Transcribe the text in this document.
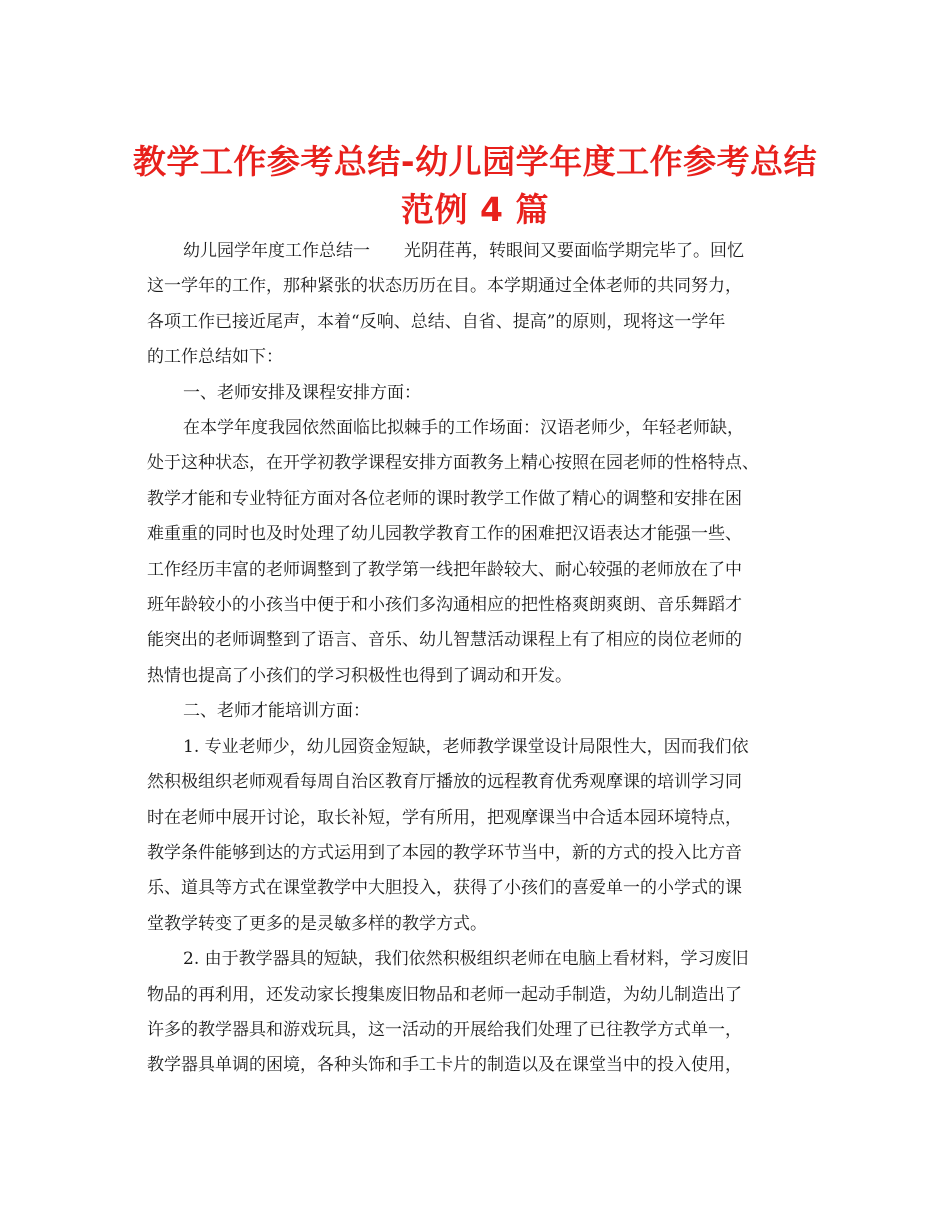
教学工作参考总结-幼儿园学年度工作参考总结
范例 4 篇

幼儿园学年度工作总结一　　光阴荏苒，转眼间又要面临学期完毕了。回忆

这一学年的工作，那种紧张的状态历历在目。本学期通过全体老师的共同努力，

各项工作已接近尾声，本着“反响、总结、自省、提高”的原则，现将这一学年

的工作总结如下：

一、老师安排及课程安排方面：

在本学年度我园依然面临比拟棘手的工作场面：汉语老师少，年轻老师缺，

处于这种状态，在开学初教学课程安排方面教务上精心按照在园老师的性格特点、

教学才能和专业特征方面对各位老师的课时教学工作做了精心的调整和安排在困

难重重的同时也及时处理了幼儿园教学教育工作的困难把汉语表达才能强一些、

工作经历丰富的老师调整到了教学第一线把年龄较大、耐心较强的老师放在了中

班年龄较小的小孩当中便于和小孩们多沟通相应的把性格爽朗爽朗、音乐舞蹈才

能突出的老师调整到了语言、音乐、幼儿智慧活动课程上有了相应的岗位老师的

热情也提高了小孩们的学习积极性也得到了调动和开发。

二、老师才能培训方面：

1. 专业老师少，幼儿园资金短缺，老师教学课堂设计局限性大，因而我们依

然积极组织老师观看每周自治区教育厅播放的远程教育优秀观摩课的培训学习同

时在老师中展开讨论，取长补短，学有所用，把观摩课当中合适本园环境特点，

教学条件能够到达的方式运用到了本园的教学环节当中，新的方式的投入比方音

乐、道具等方式在课堂教学中大胆投入，获得了小孩们的喜爱单一的小学式的课

堂教学转变了更多的是灵敏多样的教学方式。

2. 由于教学器具的短缺，我们依然积极组织老师在电脑上看材料，学习废旧

物品的再利用，还发动家长搜集废旧物品和老师一起动手制造，为幼儿制造出了

许多的教学器具和游戏玩具，这一活动的开展给我们处理了已往教学方式单一，

教学器具单调的困境，各种头饰和手工卡片的制造以及在课堂当中的投入使用，
